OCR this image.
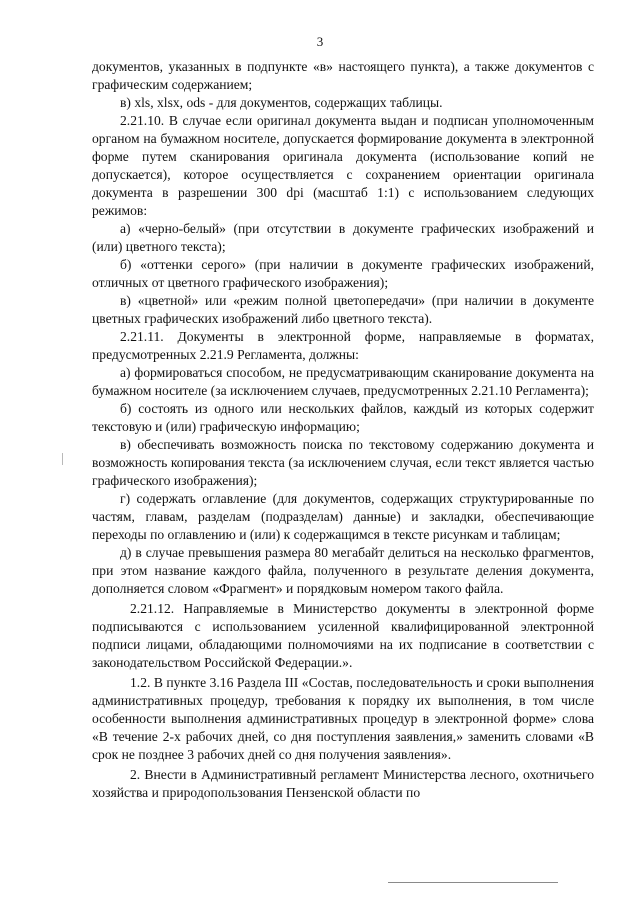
3

документов, указанных в подпункте «в» настоящего пункта), а также документов с графическим содержанием;

в) xls, xlsx, ods - для документов, содержащих таблицы.

2.21.10. В случае если оригинал документа выдан и подписан уполномоченным органом на бумажном носителе, допускается формирование документа в электронной форме путем сканирования оригинала документа (использование копий не допускается), которое осуществляется с сохранением ориентации оригинала документа в разрешении 300 dpi (масштаб 1:1) с использованием следующих режимов:

а) «черно-белый» (при отсутствии в документе графических изображений и (или) цветного текста);

б) «оттенки серого» (при наличии в документе графических изображений, отличных от цветного графического изображения);

в) «цветной» или «режим полной цветопередачи» (при наличии в документе цветных графических изображений либо цветного текста).

2.21.11. Документы в электронной форме, направляемые в форматах, предусмотренных 2.21.9 Регламента, должны:

а) формироваться способом, не предусматривающим сканирование документа на бумажном носителе (за исключением случаев, предусмотренных 2.21.10 Регламента);

б) состоять из одного или нескольких файлов, каждый из которых содержит текстовую и (или) графическую информацию;

в) обеспечивать возможность поиска по текстовому содержанию документа и возможность копирования текста (за исключением случая, если текст является частью графического изображения);

г) содержать оглавление (для документов, содержащих структурированные по частям, главам, разделам (подразделам) данные) и закладки, обеспечивающие переходы по оглавлению и (или) к содержащимся в тексте рисункам и таблицам;

д) в случае превышения размера 80 мегабайт делиться на несколько фрагментов, при этом название каждого файла, полученного в результате деления документа, дополняется словом «Фрагмент» и порядковым номером такого файла.

2.21.12. Направляемые в Министерство документы в электронной форме подписываются с использованием усиленной квалифицированной электронной подписи лицами, обладающими полномочиями на их подписание в соответствии с законодательством Российской Федерации.».

1.2. В пункте 3.16 Раздела III «Состав, последовательность и сроки выполнения административных процедур, требования к порядку их выполнения, в том числе особенности выполнения административных процедур в электронной форме» слова «В течение 2-х рабочих дней, со дня поступления заявления,» заменить словами «В срок не позднее 3 рабочих дней со дня получения заявления».

2. Внести в Административный регламент Министерства лесного, охотничьего хозяйства и природопользования Пензенской области по
